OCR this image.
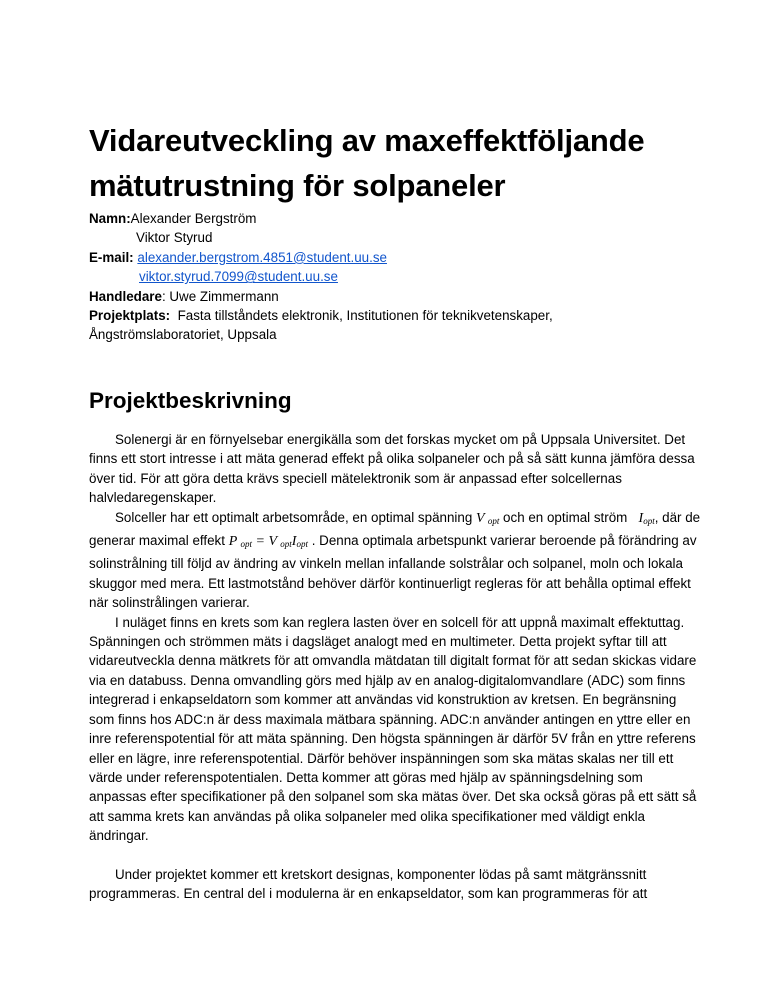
Vidareutveckling av maxeffektföljande mätutrustning för solpaneler
Namn:Alexander Bergström
Viktor Styrud
E-mail: alexander.bergstrom.4851@student.uu.se
viktor.styrud.7099@student.uu.se
Handledare: Uwe Zimmermann
Projektplats: Fasta tillståndets elektronik, Institutionen för teknikvetenskaper,
Ångströmslaboratoriet, Uppsala
Projektbeskrivning

Solenergi är en förnyelsebar energikälla som det forskas mycket om på Uppsala Universitet. Det finns ett stort intresse i att mäta generad effekt på olika solpaneler och på så sätt kunna jämföra dessa över tid. För att göra detta krävs speciell mätelektronik som är anpassad efter solcellernas halvledaregenskaper.

Solceller har ett optimalt arbetsområde, en optimal spänning V $_{opt}$ och en optimal ström   $I_{opt}$, där de generar maximal effekt P $_{opt}$ = V $_{opt}I_{opt}$ . Denna optimala arbetspunkt varierar beroende på förändring av solinstrålning till följd av ändring av vinkeln mellan infallande solstrålar och solpanel, moln och lokala skuggor med mera. Ett lastmotstånd behöver därför kontinuerligt regleras för att behålla optimal effekt när solinstrålingen varierar.

I nuläget finns en krets som kan reglera lasten över en solcell för att uppnå maximalt effektuttag. Spänningen och strömmen mäts i dagsläget analogt med en multimeter. Detta projekt syftar till att vidareutveckla denna mätkrets för att omvandla mätdatan till digitalt format för att sedan skickas vidare via en databuss. Denna omvandling görs med hjälp av en analog-digitalomvandlare (ADC) som finns integrerad i enkapseldatorn som kommer att användas vid konstruktion av kretsen. En begränsning som finns hos ADC:n är dess maximala mätbara spänning. ADC:n använder antingen en yttre eller en inre referenspotential för att mäta spänning. Den högsta spänningen är därför 5V från en yttre referens eller en lägre, inre referenspotential. Därför behöver inspänningen som ska mätas skalas ner till ett värde under referenspotentialen. Detta kommer att göras med hjälp av spänningsdelning som anpassas efter specifikationer på den solpanel som ska mätas över. Det ska också göras på ett sätt så att samma krets kan användas på olika solpaneler med olika specifikationer med väldigt enkla ändringar.

Under projektet kommer ett kretskort designas, komponenter lödas på samt mätgränssnitt programmeras. En central del i modulerna är en enkapseldator, som kan programmeras för att
